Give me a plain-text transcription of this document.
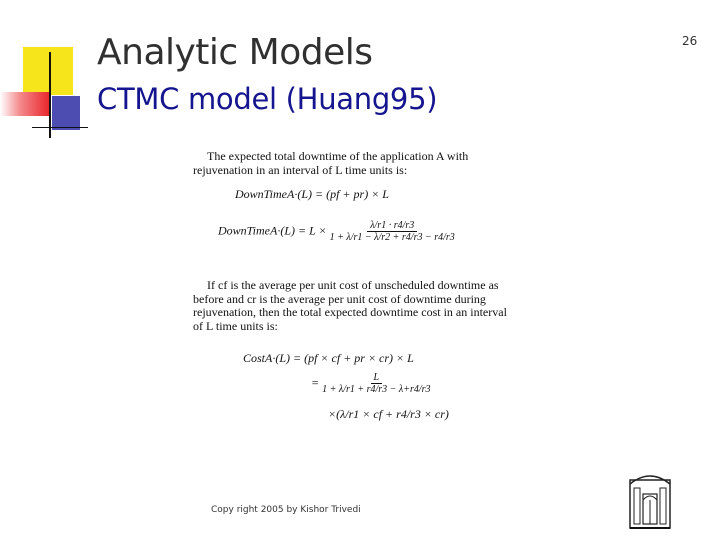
Analytic Models
CTMC model (Huang95)
26

The expected total downtime of the application A with rejuvenation in an interval of L time units is:

DownTimeA·(L) = (pf + pr) × L
DownTimeA·(L) = $L \times \frac{\lambda/r1 \cdot r4/r3}{1 + \lambda/r1 - \lambda/r2 + r4/r3 - r4/r3}$

If cf is the average per unit cost of unscheduled downtime as before and cr is the average per unit cost of downtime during rejuvenation, then the total expected downtime cost in an interval of L time units is:

CostA·(L) = (pf × cf + pr × cr) × L
= $\frac{L}{1 + \lambda/r1 + r4/r3 - \lambda+r4/r3}$
×(λ/r1 × cf + r4/r3 × cr)
Copy right 2005 by Kishor Trivedi
